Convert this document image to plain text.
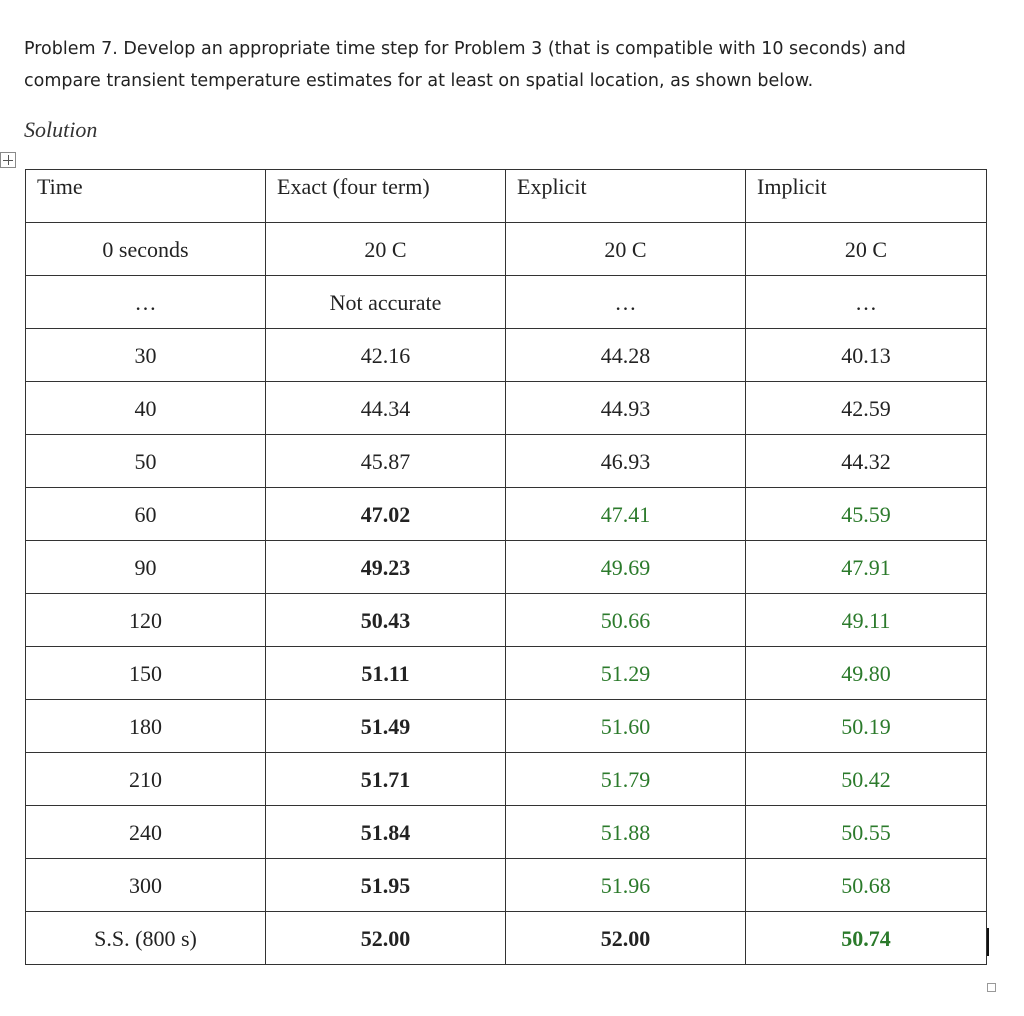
Problem 7. Develop an appropriate time step for Problem 3 (that is compatible with 10 seconds) and
compare transient temperature estimates for at least on spatial location, as shown below.
Solution
Time	Exact (four term)	Explicit	Implicit
0 seconds	20 C	20 C	20 C
…	Not accurate	…	…
30	42.16	44.28	40.13
40	44.34	44.93	42.59
50	45.87	46.93	44.32
60	47.02	47.41	45.59
90	49.23	49.69	47.91
120	50.43	50.66	49.11
150	51.11	51.29	49.80
180	51.49	51.60	50.19
210	51.71	51.79	50.42
240	51.84	51.88	50.55
300	51.95	51.96	50.68
S.S. (800 s)	52.00	52.00	50.74
